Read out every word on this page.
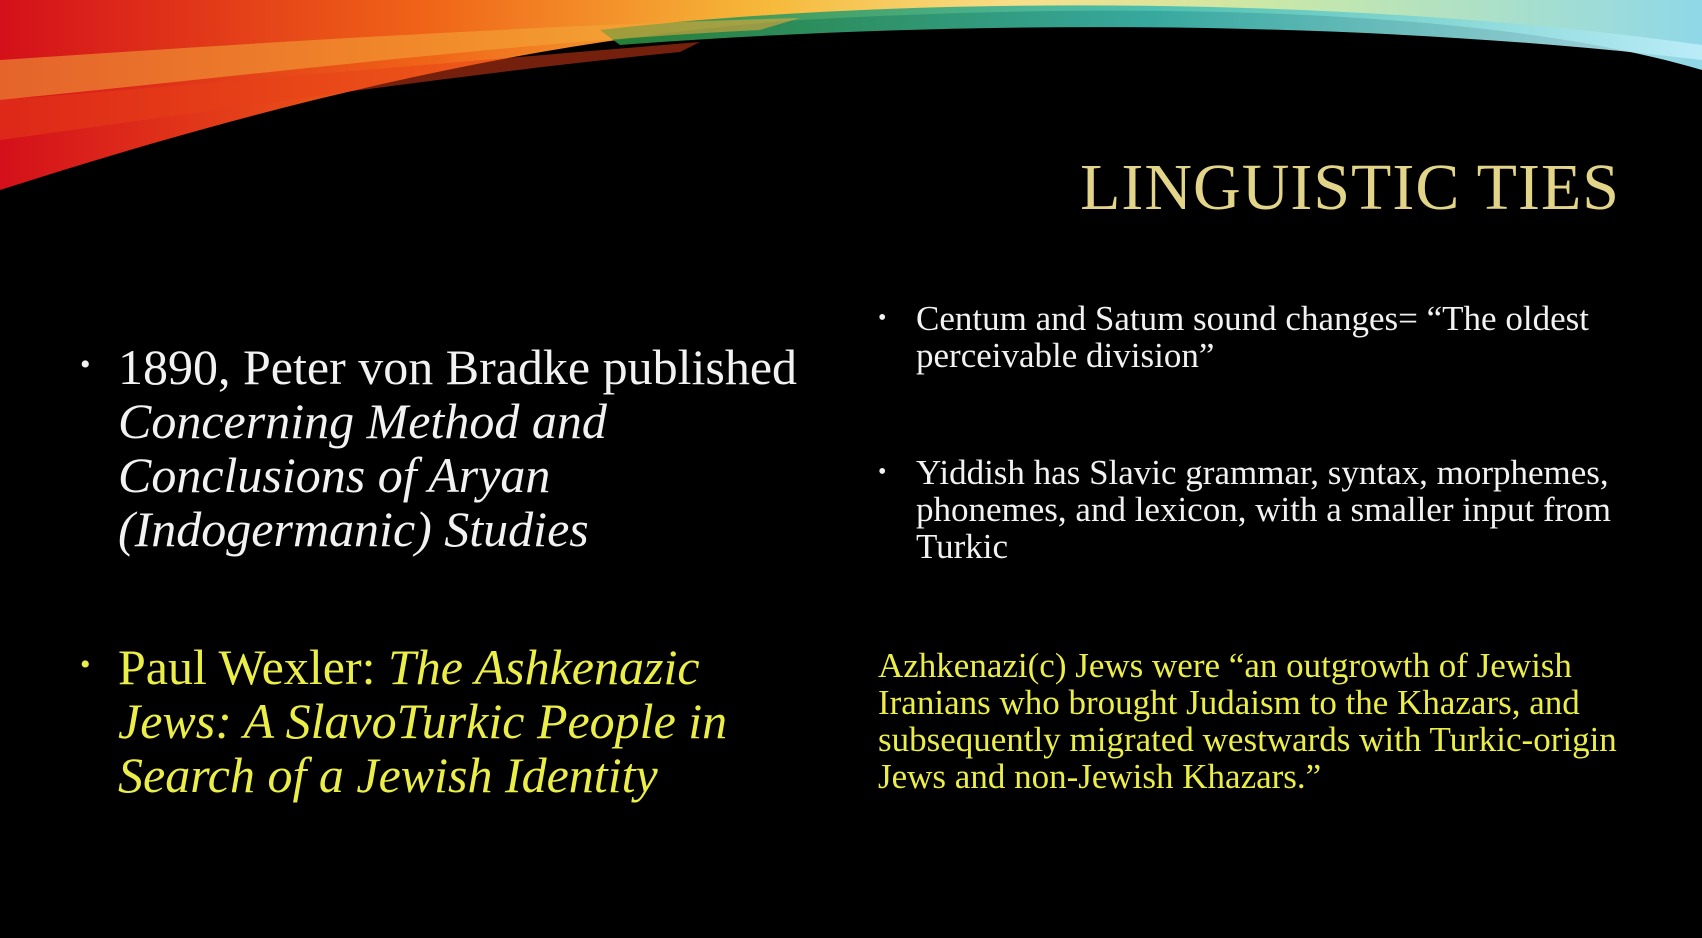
LINGUISTIC TIES
• 1890, Peter von Bradke published Concerning Method and Conclusions of Aryan (Indogermanic) Studies
• Paul Wexler: The Ashkenazic Jews: A SlavoTurkic People in Search of a Jewish Identity
• Centum and Satum sound changes= “The oldest perceivable division”
• Yiddish has Slavic grammar, syntax, morphemes, phonemes, and lexicon, with a smaller input from Turkic
Azhkenazi(c) Jews were “an outgrowth of Jewish Iranians who brought Judaism to the Khazars, and subsequently migrated westwards with Turkic-origin Jews and non-Jewish Khazars.”
